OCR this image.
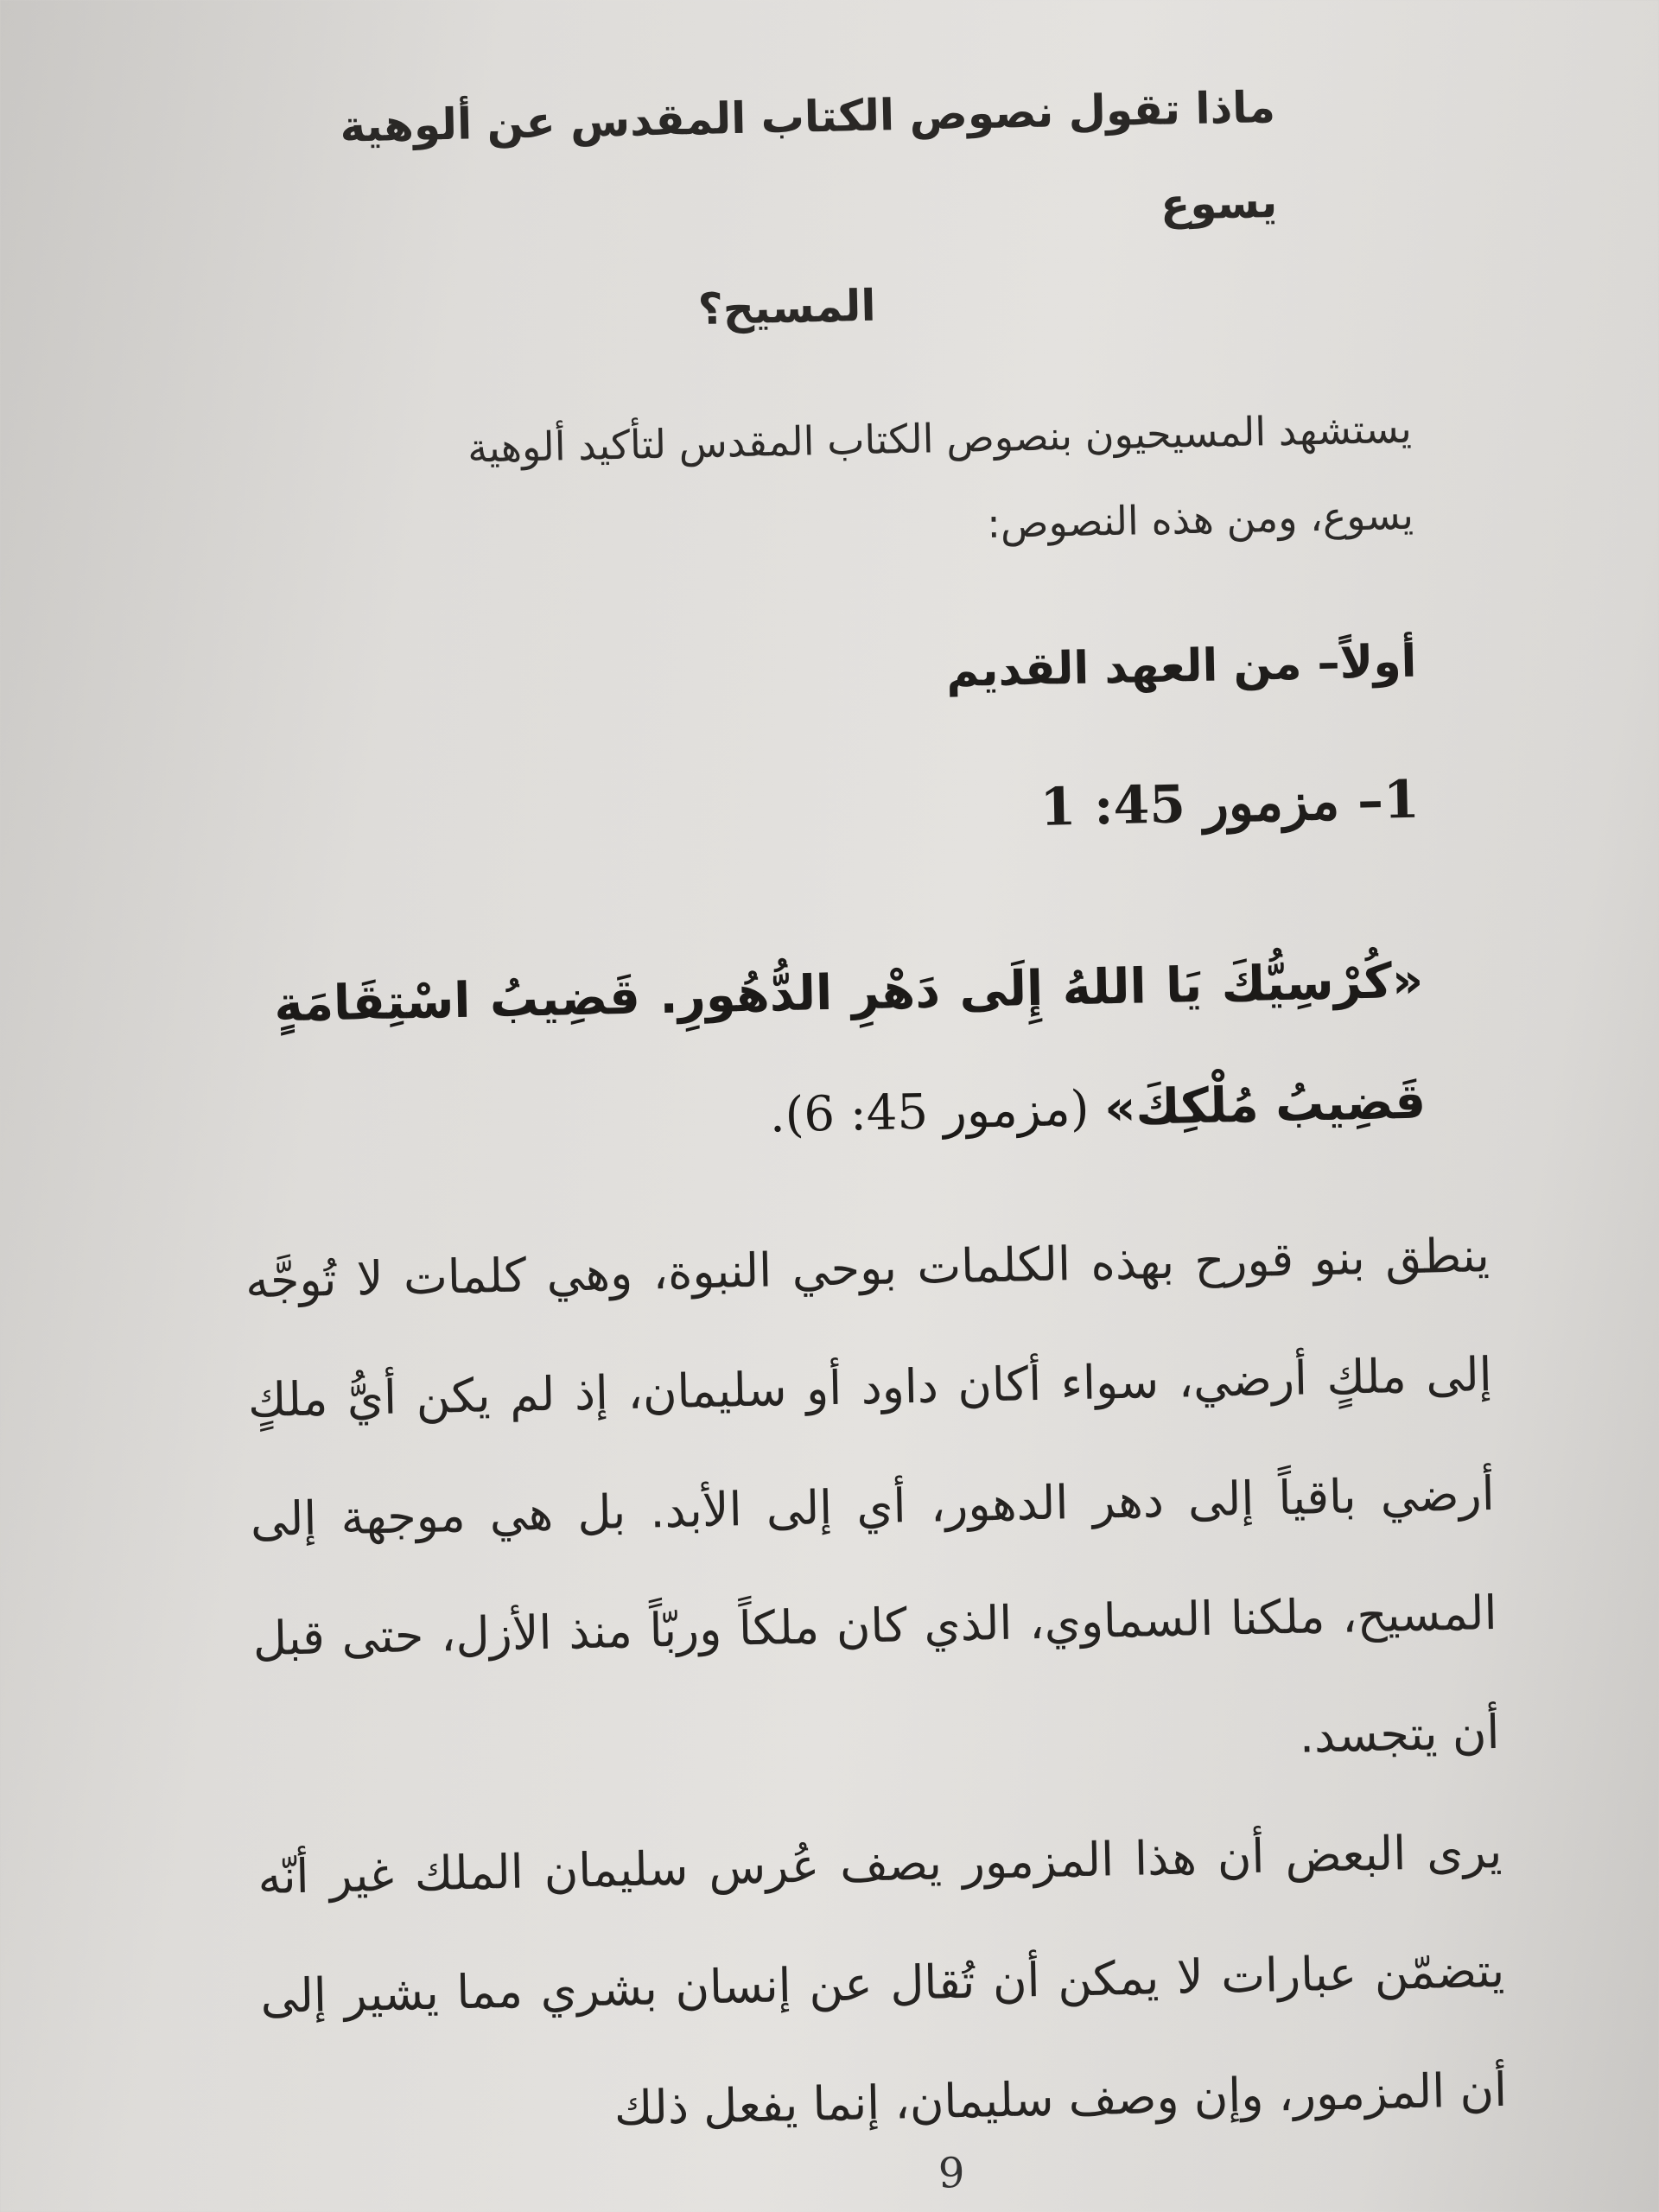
ماذا تقول نصوص الكتاب المقدس عن ألوهية يسوع
المسيح؟
يستشهد المسيحيون بنصوص الكتاب المقدس لتأكيد ألوهية
يسوع، ومن هذه النصوص:
أولاً– من العهد القديم
1– مزمور 45: 1
«كُرْسِيُّكَ يَا اللهُ إِلَى دَهْرِ الدُّهُورِ. قَضِيبُ اسْتِقَامَةٍ قَضِيبُ مُلْكِكَ» (مزمور 45: 6).

ينطق بنو قورح بهذه الكلمات بوحي النبوة، وهي كلمات لا تُوجَّه إلى ملكٍ أرضي، سواء أكان داود أو سليمان، إذ لم يكن أيُّ ملكٍ أرضي باقياً إلى دهر الدهور، أي إلى الأبد. بل هي موجهة إلى المسيح، ملكنا السماوي، الذي كان ملكاً وربّاً منذ الأزل، حتى قبل أن يتجسد.

يرى البعض أن هذا المزمور يصف عُرس سليمان الملك غير أنّه يتضمّن عبارات لا يمكن أن تُقال عن إنسان بشري مما يشير إلى أن المزمور، وإن وصف سليمان، إنما يفعل ذلك

9
